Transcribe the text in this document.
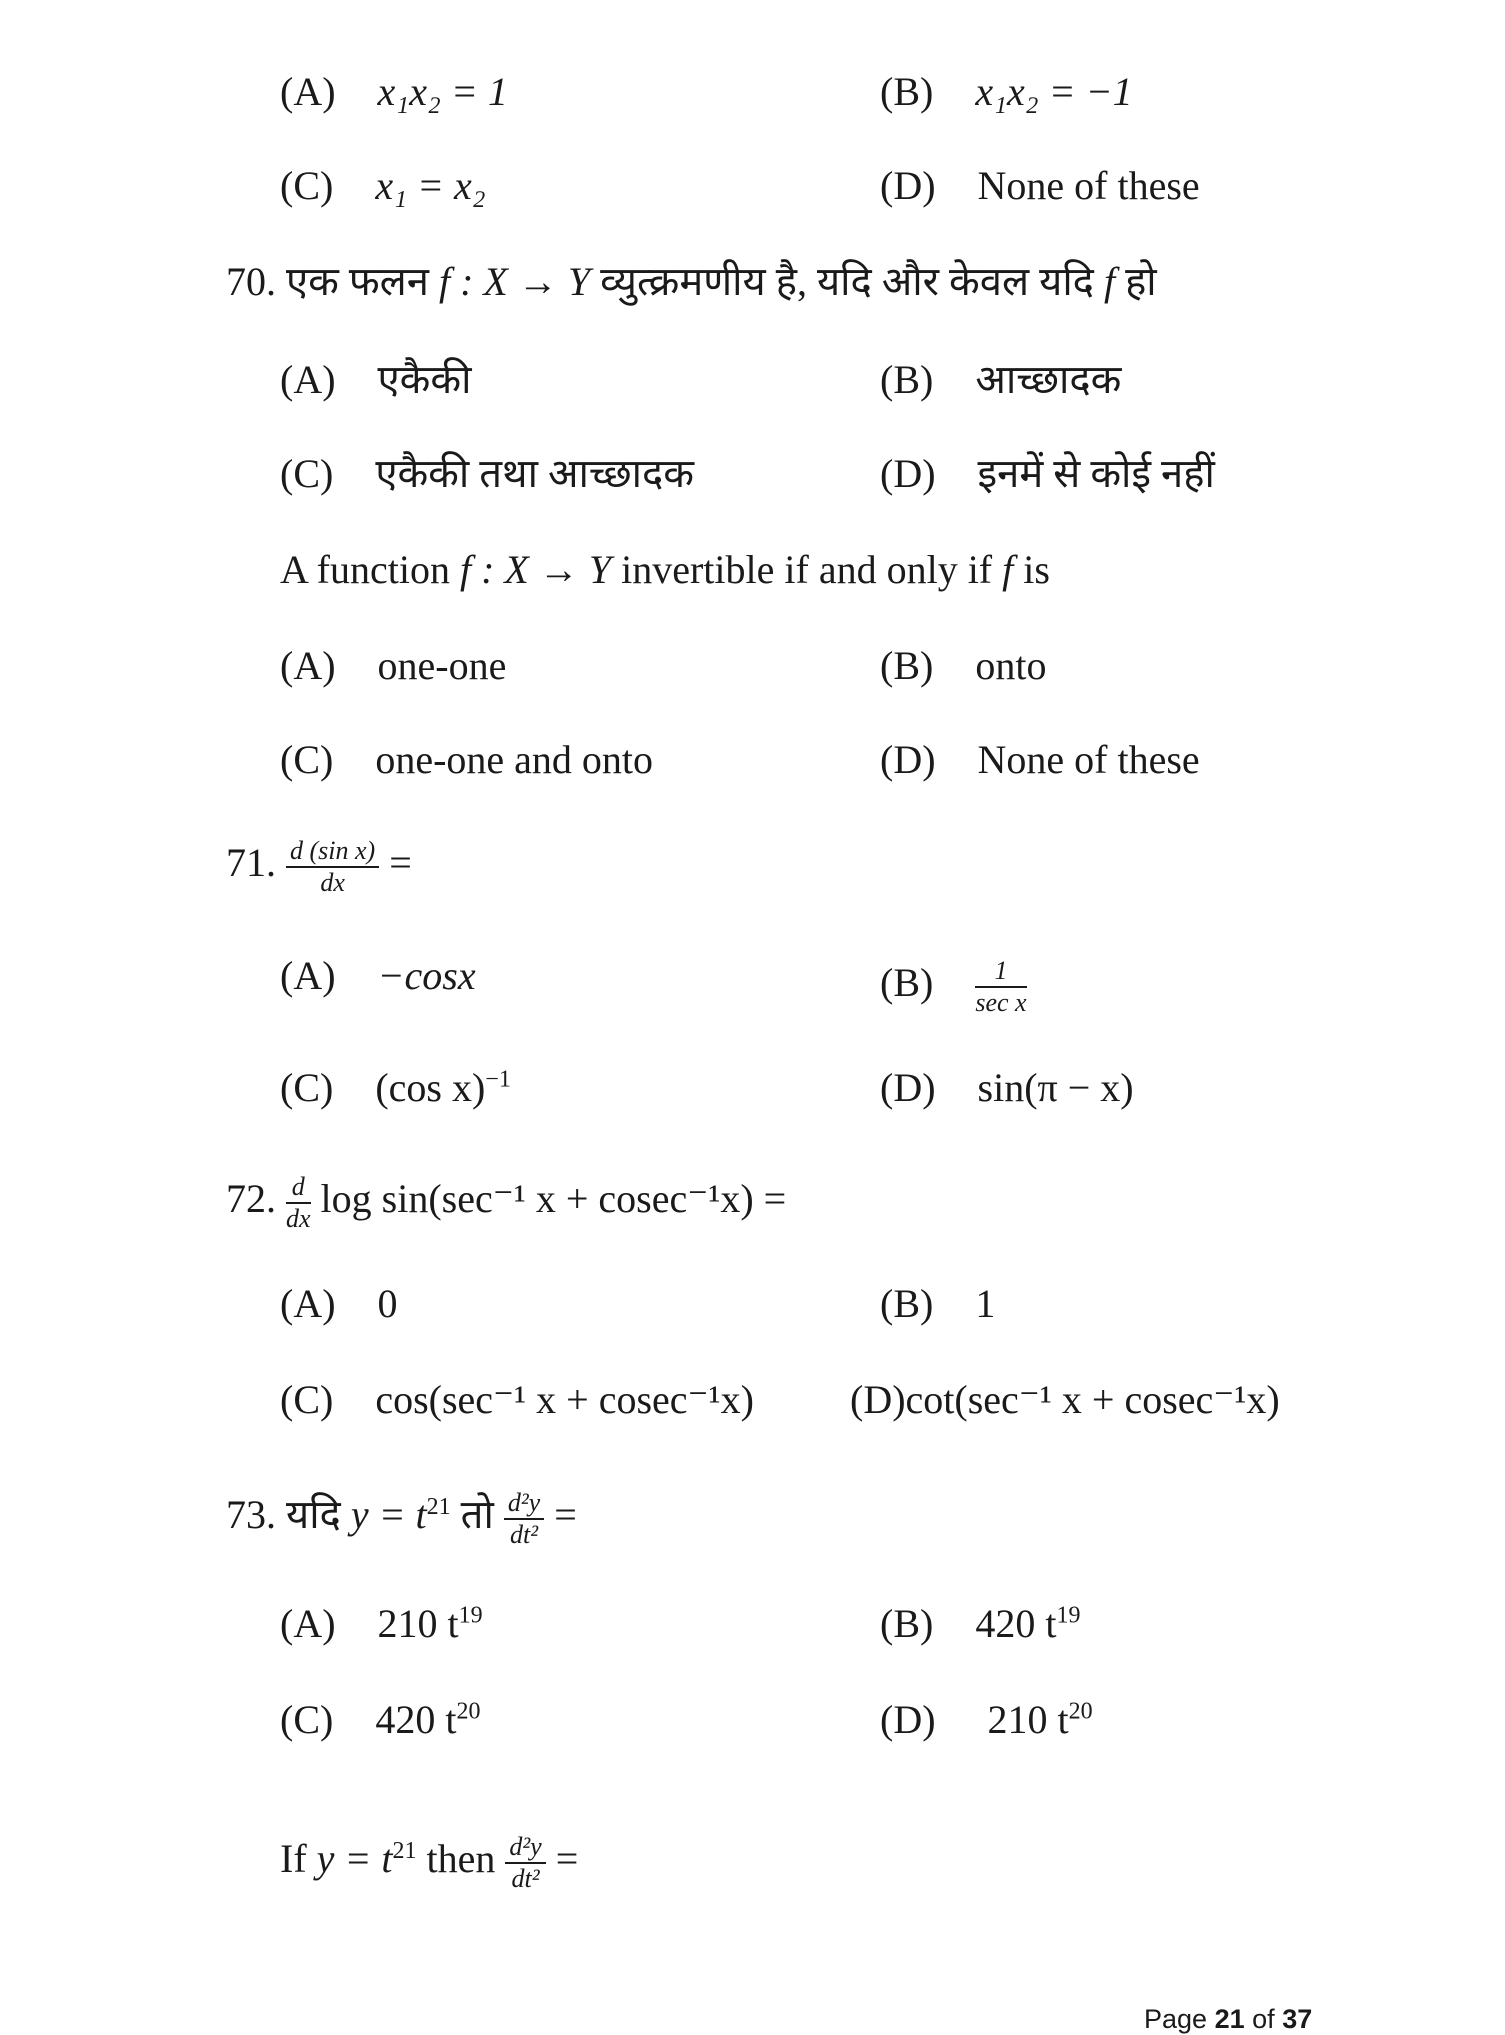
(A) x₁x₂ = 1	(B) x₁x₂ = −1
(C) x₁ = x₂	(D) None of these
70. एक फलन f : X → Y व्युत्क्रमणीय है, यदि और केवल यदि f हो
(A) एकैकी	(B) आच्छादक
(C) एकैकी तथा आच्छादक	(D) इनमें से कोई नहीं
A function f : X → Y invertible if and only if f is
(A) one-one	(B) onto
(C) one-one and onto	(D) None of these
71. $\frac{\text{d (sin x)}}{dx}$ =
(A) −cosx	$(B) \frac{1}{\text{sec x}}$
(C) (cos x)$^{-1}$	(D) sin(π − x)
72. $\frac{d}{dx}$ log sin(sec⁻¹ x + cosec⁻¹x) =
(A) 0	(B) 1
(C) cos(sec⁻¹ x + cosec⁻¹x) (D)cot(sec⁻¹ x + cosec⁻¹x)
73. यदि $y = t^{21}$ तो $\frac{\text{d²y}}{\text{dt²}}$ =
(A) 210 $t^{19}$	(B) 420 $t^{19}$
(C) 420 $t^{20}$	(D) 210 $t^{20}$
If $y = t^{21}$ then $\frac{\text{d²y}}{\text{dt²}}$ =
Page 21 of 37
